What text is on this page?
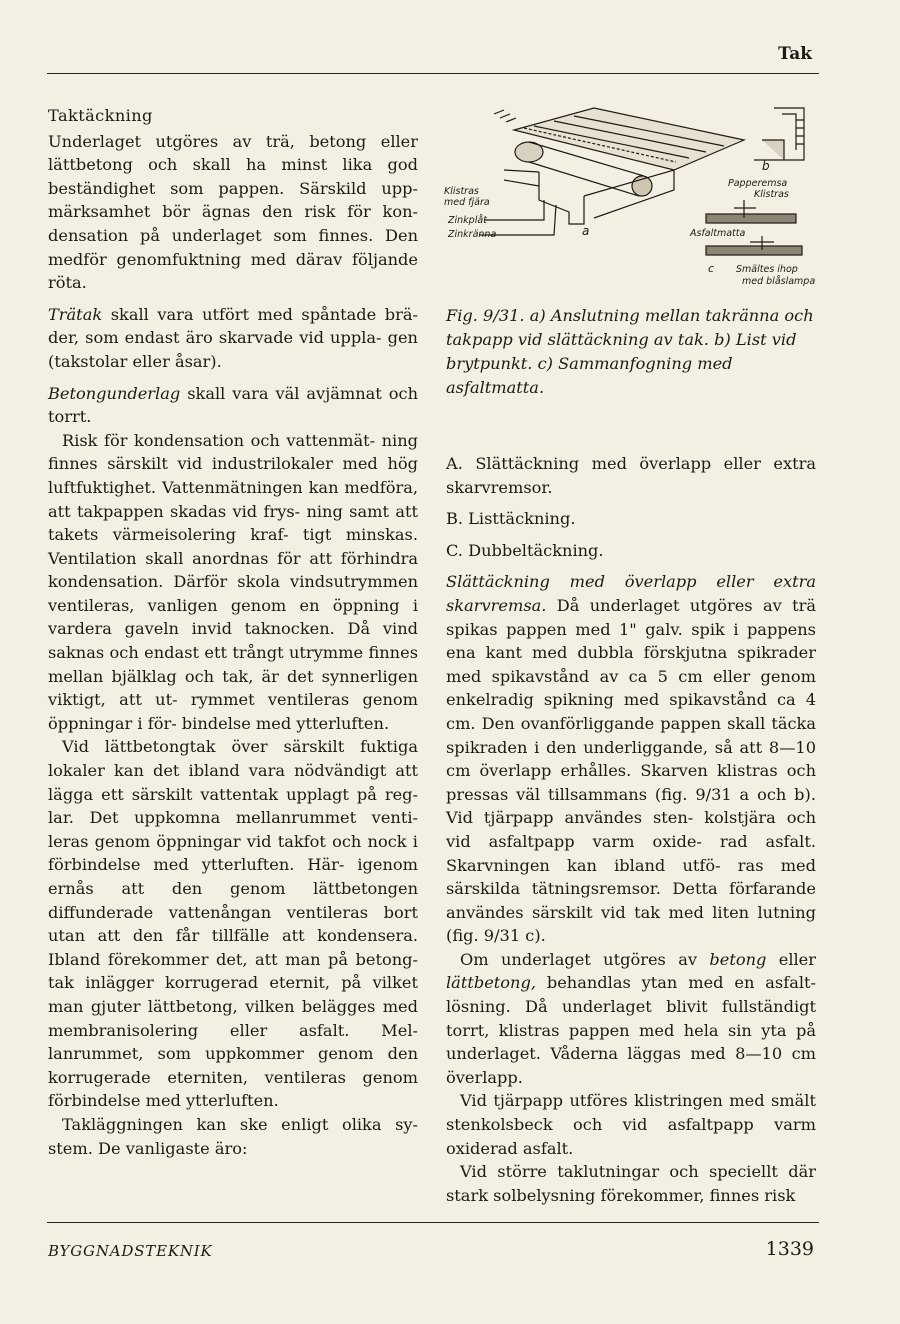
Tak
Taktäckning

Underlaget utgöres av trä, betong eller lättbetong och skall ha minst lika god beständighet som pappen. Särskild upp- märksamhet bör ägnas den risk för kon- densation på underlaget som finnes. Den medför genomfuktning med därav följande röta.

Trätak skall vara utfört med spåntade brä- der, som endast äro skarvade vid uppla- gen (takstolar eller åsar).

Betongunderlag skall vara väl avjämnat och torrt.

Risk för kondensation och vattenmät- ning finnes särskilt vid industrilokaler med hög luftfuktighet. Vattenmätningen kan medföra, att takpappen skadas vid frys- ning samt att takets värmeisolering kraf- tigt minskas. Ventilation skall anordnas för att förhindra kondensation. Därför skola vindsutrymmen ventileras, vanligen genom en öppning i vardera gaveln invid taknocken. Då vind saknas och endast ett trångt utrymme finnes mellan bjälklag och tak, är det synnerligen viktigt, att ut- rymmet ventileras genom öppningar i för- bindelse med ytterluften.

Vid lättbetongtak över särskilt fuktiga lokaler kan det ibland vara nödvändigt att lägga ett särskilt vattentak upplagt på reg- lar. Det uppkomna mellanrummet venti- leras genom öppningar vid takfot och nock i förbindelse med ytterluften. Här- igenom ernås att den genom lättbetongen diffunderade vattenångan ventileras bort utan att den får tillfälle att kondensera. Ibland förekommer det, att man på betong- tak inlägger korrugerad eternit, på vilket man gjuter lättbetong, vilken belägges med membranisolering eller asfalt. Mel- lanrummet, som uppkommer genom den korrugerade eterniten, ventileras genom förbindelse med ytterluften.

Takläggningen kan ske enligt olika sy- stem. De vanligaste äro:

Klistras
med fjära
Zinkplåt
Zinkränna	a
b
Papperemsa
Klistras
Asfaltmatta
c Smältes ihop
med blåslampa
Fig. 9/31. a) Anslutning mellan takränna och takpapp vid slättäckning av tak. b) List vid brytpunkt. c) Sammanfogning med asfaltmatta.

A. Slättäckning med överlapp eller extra skarvremsor.

B. Listtäckning.

C. Dubbeltäckning.

Slättäckning med överlapp eller extra skarvremsa. Då underlaget utgöres av trä spikas pappen med 1" galv. spik i pappens ena kant med dubbla förskjutna spikrader med spikavstånd av ca 5 cm eller genom enkelradig spikning med spikavstånd ca 4 cm. Den ovanförliggande pappen skall täcka spikraden i den underliggande, så att 8—10 cm överlapp erhålles. Skarven klistras och pressas väl tillsammans (fig. 9/31 a och b). Vid tjärpapp användes sten- kolstjära och vid asfaltpapp varm oxide- rad asfalt. Skarvningen kan ibland utfö- ras med särskilda tätningsremsor. Detta förfarande användes särskilt vid tak med liten lutning (fig. 9/31 c).

Om underlaget utgöres av betong eller lättbetong, behandlas ytan med en asfalt- lösning. Då underlaget blivit fullständigt torrt, klistras pappen med hela sin yta på underlaget. Våderna läggas med 8—10 cm överlapp.

Vid tjärpapp utföres klistringen med smält stenkolsbeck och vid asfaltpapp varm oxiderad asfalt.

Vid större taklutningar och speciellt där stark solbelysning förekommer, finnes risk

BYGGNADSTEKNIK	1339
